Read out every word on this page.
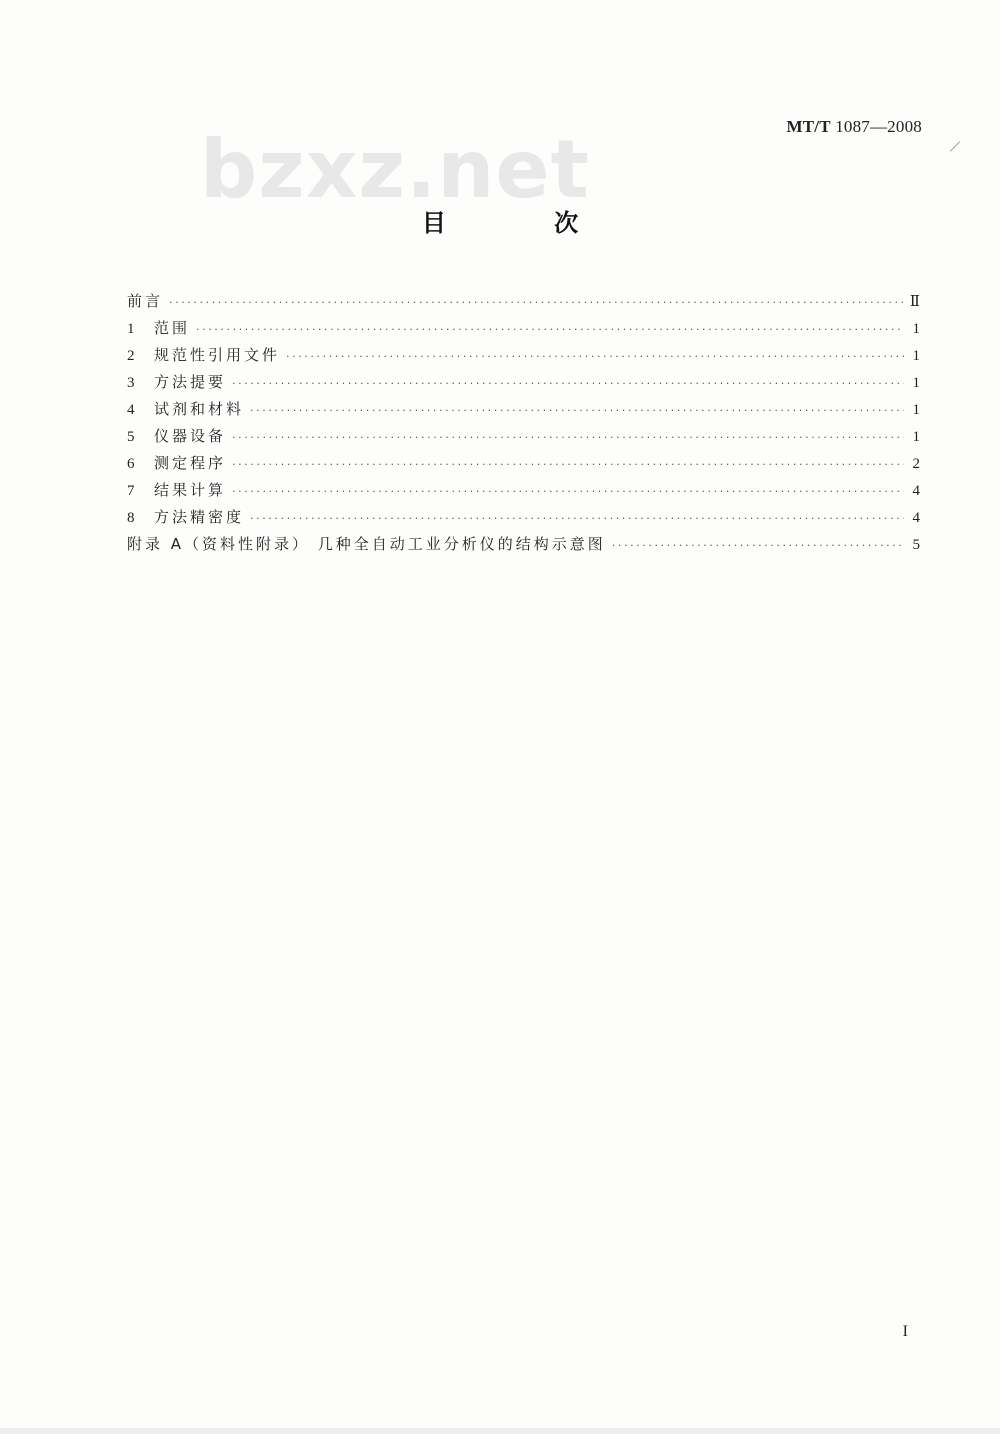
MT/T 1087—2008
bzxz.net
目 次
前言 ·····	Ⅱ
1	范围 ·····	1
2	规范性引用文件 ·····	1
3	方法提要 ·····	1
4	试剂和材料 ·····	1
5	仪器设备 ·····	1
6	测定程序 ·····	2
7	结果计算 ·····	4
8	方法精密度 ·····	4
附录 A（资料性附录） 几种全自动工业分析仪的结构示意图 ·····	5
I
